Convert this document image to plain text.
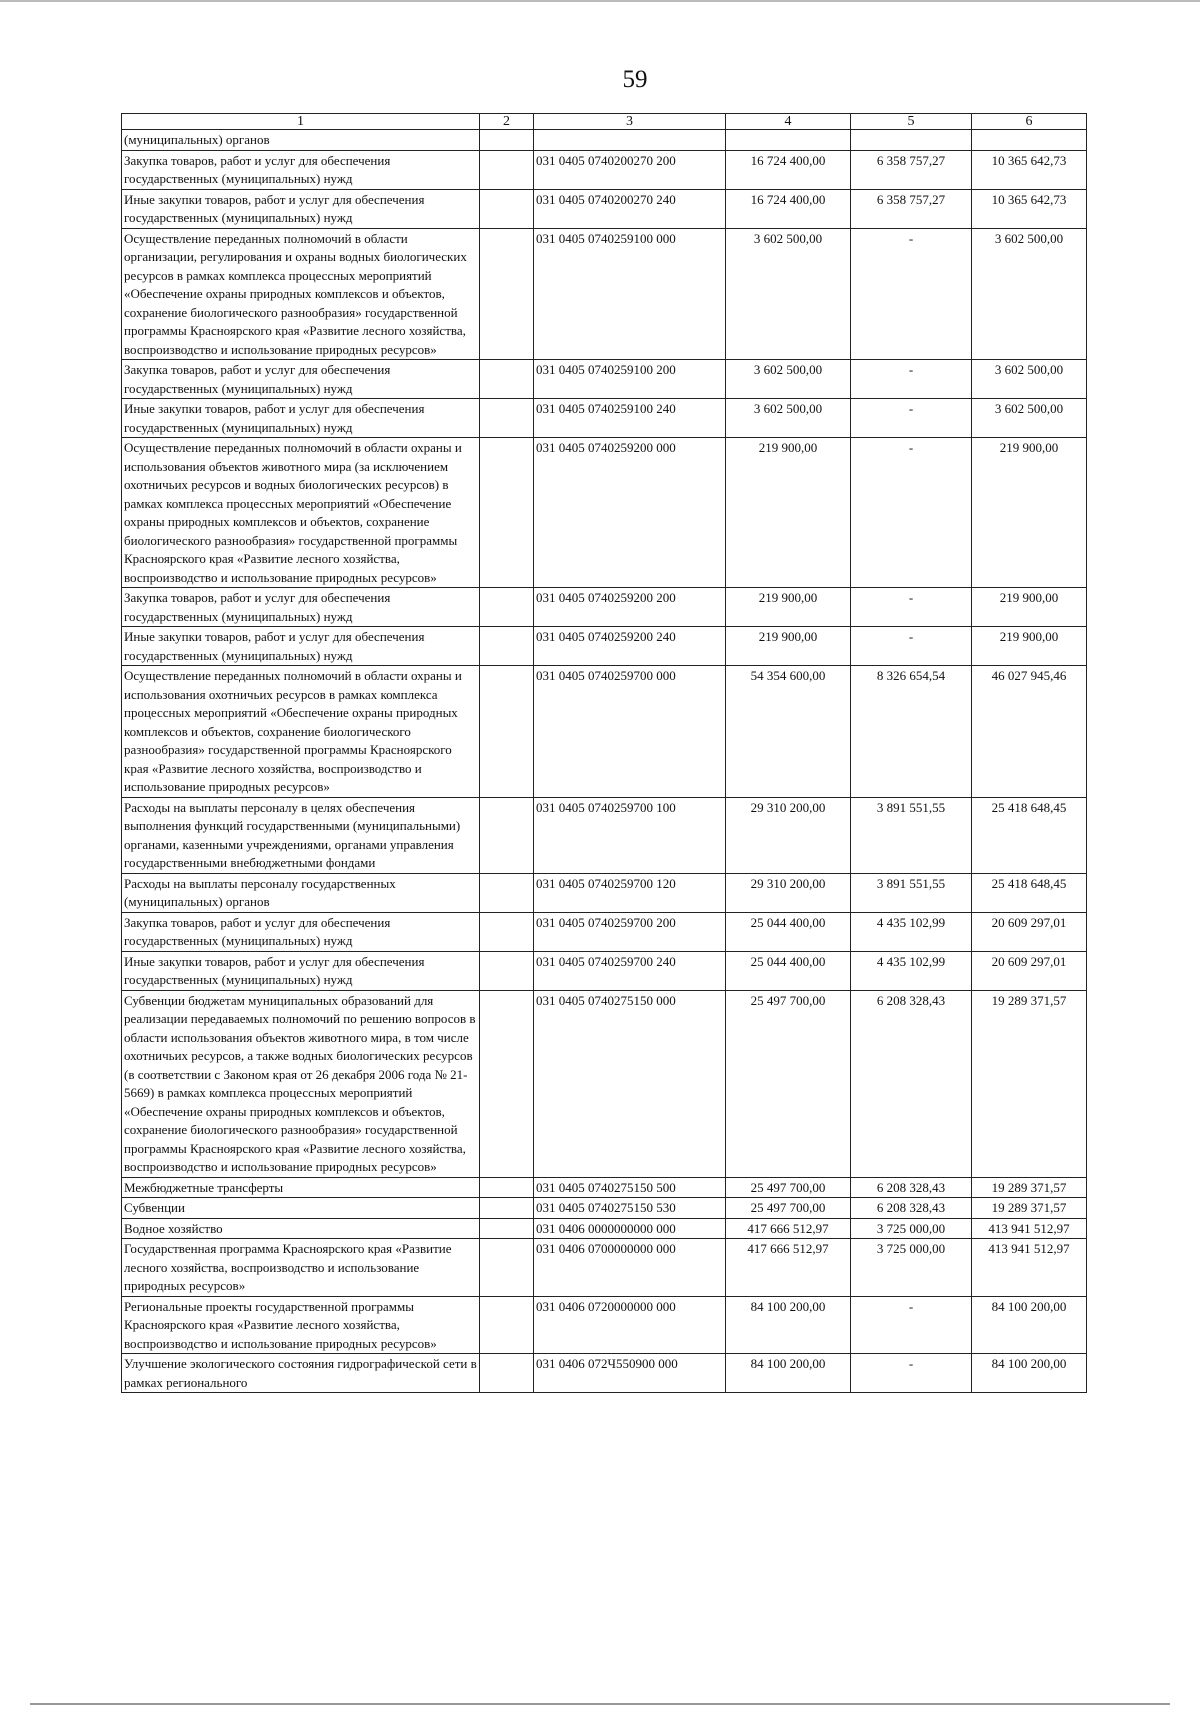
59
1	2	3	4	5	6
(муниципальных) органов					
Закупка товаров, работ и услуг для обеспечения государственных (муниципальных) нужд		031 0405 0740200270 200	16 724 400,00	6 358 757,27	10 365 642,73
Иные закупки товаров, работ и услуг для обеспечения государственных (муниципальных) нужд		031 0405 0740200270 240	16 724 400,00	6 358 757,27	10 365 642,73
Осуществление переданных полномочий в области организации, регулирования и охраны водных биологических ресурсов в рамках комплекса процессных мероприятий «Обеспечение охраны природных комплексов и объектов, сохранение биологического разнообразия» государственной программы Красноярского края «Развитие лесного хозяйства, воспроизводство и использование природных ресурсов»		031 0405 0740259100 000	3 602 500,00	-	3 602 500,00
Закупка товаров, работ и услуг для обеспечения государственных (муниципальных) нужд		031 0405 0740259100 200	3 602 500,00	-	3 602 500,00
Иные закупки товаров, работ и услуг для обеспечения государственных (муниципальных) нужд		031 0405 0740259100 240	3 602 500,00	-	3 602 500,00
Осуществление переданных полномочий в области охраны и использования объектов животного мира (за исключением охотничьих ресурсов и водных биологических ресурсов) в рамках комплекса процессных мероприятий «Обеспечение охраны природных комплексов и объектов, сохранение биологического разнообразия» государственной программы Красноярского края «Развитие лесного хозяйства, воспроизводство и использование природных ресурсов»		031 0405 0740259200 000	219 900,00	-	219 900,00
Закупка товаров, работ и услуг для обеспечения государственных (муниципальных) нужд		031 0405 0740259200 200	219 900,00	-	219 900,00
Иные закупки товаров, работ и услуг для обеспечения государственных (муниципальных) нужд		031 0405 0740259200 240	219 900,00	-	219 900,00
Осуществление переданных полномочий в области охраны и использования охотничьих ресурсов в рамках комплекса процессных мероприятий «Обеспечение охраны природных комплексов и объектов, сохранение биологического разнообразия» государственной программы Красноярского края «Развитие лесного хозяйства, воспроизводство и использование природных ресурсов»		031 0405 0740259700 000	54 354 600,00	8 326 654,54	46 027 945,46
Расходы на выплаты персоналу в целях обеспечения выполнения функций государственными (муниципальными) органами, казенными учреждениями, органами управления государственными внебюджетными фондами		031 0405 0740259700 100	29 310 200,00	3 891 551,55	25 418 648,45
Расходы на выплаты персоналу государственных (муниципальных) органов		031 0405 0740259700 120	29 310 200,00	3 891 551,55	25 418 648,45
Закупка товаров, работ и услуг для обеспечения государственных (муниципальных) нужд		031 0405 0740259700 200	25 044 400,00	4 435 102,99	20 609 297,01
Иные закупки товаров, работ и услуг для обеспечения государственных (муниципальных) нужд		031 0405 0740259700 240	25 044 400,00	4 435 102,99	20 609 297,01
Субвенции бюджетам муниципальных образований для реализации передаваемых полномочий по решению вопросов в области использования объектов животного мира, в том числе охотничьих ресурсов, а также водных биологических ресурсов (в соответствии с Законом края от 26 декабря 2006 года № 21-5669) в рамках комплекса процессных мероприятий «Обеспечение охраны природных комплексов и объектов, сохранение биологического разнообразия» государственной программы Красноярского края «Развитие лесного хозяйства, воспроизводство и использование природных ресурсов»		031 0405 0740275150 000	25 497 700,00	6 208 328,43	19 289 371,57
Межбюджетные трансферты		031 0405 0740275150 500	25 497 700,00	6 208 328,43	19 289 371,57
Субвенции		031 0405 0740275150 530	25 497 700,00	6 208 328,43	19 289 371,57
Водное хозяйство		031 0406 0000000000 000	417 666 512,97	3 725 000,00	413 941 512,97
Государственная программа Красноярского края «Развитие лесного хозяйства, воспроизводство и использование природных ресурсов»		031 0406 0700000000 000	417 666 512,97	3 725 000,00	413 941 512,97
Региональные проекты государственной программы Красноярского края «Развитие лесного хозяйства, воспроизводство и использование природных ресурсов»		031 0406 0720000000 000	84 100 200,00	-	84 100 200,00
Улучшение экологического состояния гидрографической сети в рамках регионального		031 0406 072Ч550900 000	84 100 200,00	-	84 100 200,00
